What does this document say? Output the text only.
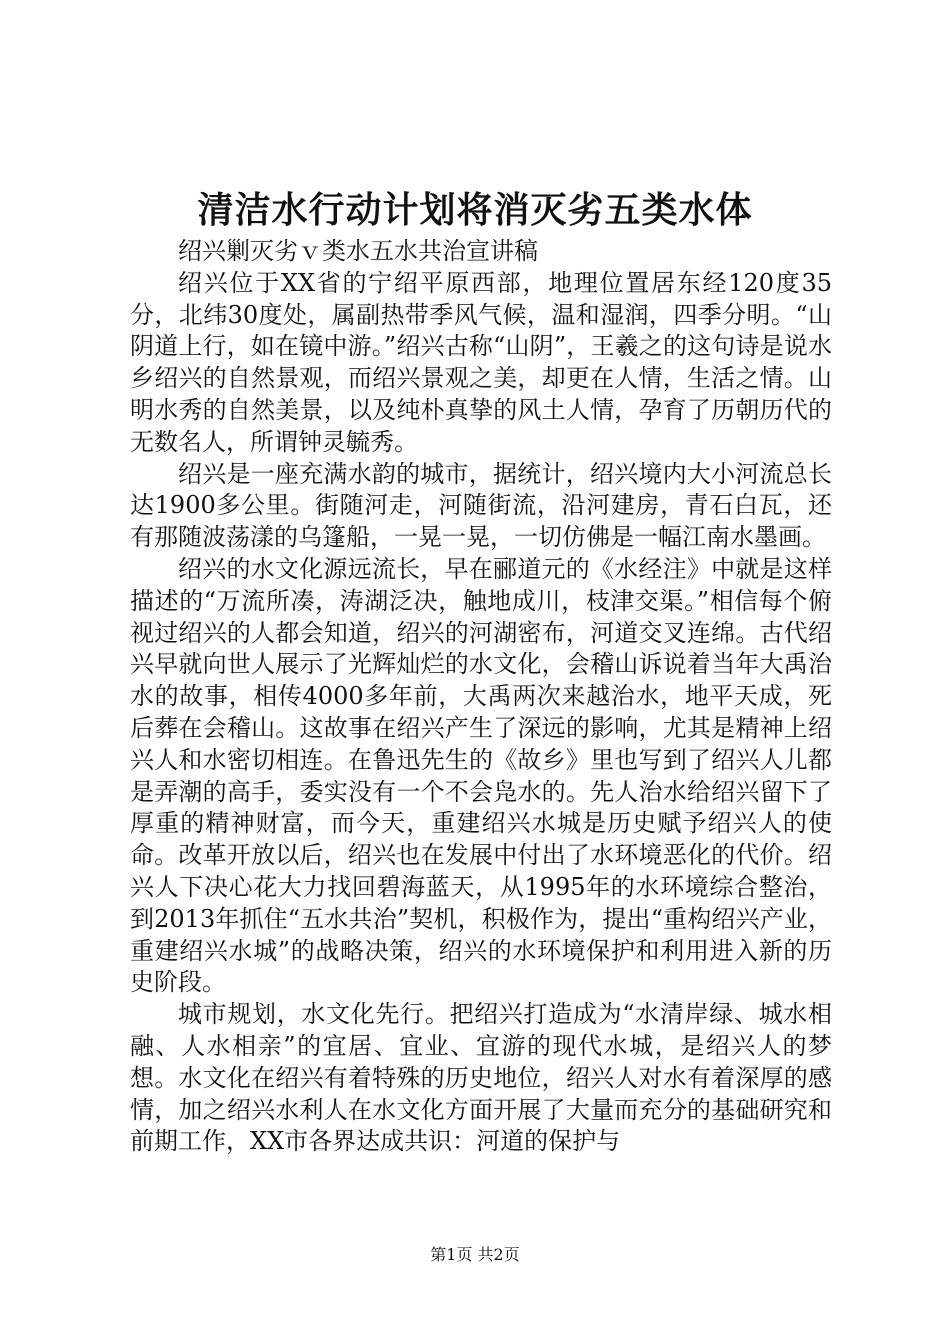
清洁水行动计划将消灭劣五类水体

绍兴剿灭劣ｖ类水五水共治宣讲稿

绍兴位于XX省的宁绍平原西部，地理位置居东经120度35分，北纬30度处，属副热带季风气候，温和湿润，四季分明。“山阴道上行，如在镜中游。”绍兴古称“山阴”，王羲之的这句诗是说水乡绍兴的自然景观，而绍兴景观之美，却更在人情，生活之情。山明水秀的自然美景，以及纯朴真挚的风土人情，孕育了历朝历代的无数名人，所谓钟灵毓秀。

绍兴是一座充满水韵的城市，据统计，绍兴境内大小河流总长达1900多公里。街随河走，河随街流，沿河建房，青石白瓦，还有那随波荡漾的乌篷船，一晃一晃，一切仿佛是一幅江南水墨画。

绍兴的水文化源远流长，早在郦道元的《水经注》中就是这样描述的“万流所凑，涛湖泛决，触地成川，枝津交渠。”相信每个俯视过绍兴的人都会知道，绍兴的河湖密布，河道交叉连绵。古代绍兴早就向世人展示了光辉灿烂的水文化，会稽山诉说着当年大禹治水的故事，相传4000多年前，大禹两次来越治水，地平天成，死后葬在会稽山。这故事在绍兴产生了深远的影响，尤其是精神上绍兴人和水密切相连。在鲁迅先生的《故乡》里也写到了绍兴人儿都是弄潮的高手，委实没有一个不会凫水的。先人治水给绍兴留下了厚重的精神财富，而今天，重建绍兴水城是历史赋予绍兴人的使命。改革开放以后，绍兴也在发展中付出了水环境恶化的代价。绍兴人下决心花大力找回碧海蓝天，从1995年的水环境综合整治，到2013年抓住“五水共治”契机，积极作为，提出“重构绍兴产业，重建绍兴水城”的战略决策，绍兴的水环境保护和利用进入新的历史阶段。

城市规划，水文化先行。把绍兴打造成为“水清岸绿、城水相融、人水相亲”的宜居、宜业、宜游的现代水城，是绍兴人的梦想。水文化在绍兴有着特殊的历史地位，绍兴人对水有着深厚的感情，加之绍兴水利人在水文化方面开展了大量而充分的基础研究和前期工作，XX市各界达成共识：河道的保护与

第1页 共2页
